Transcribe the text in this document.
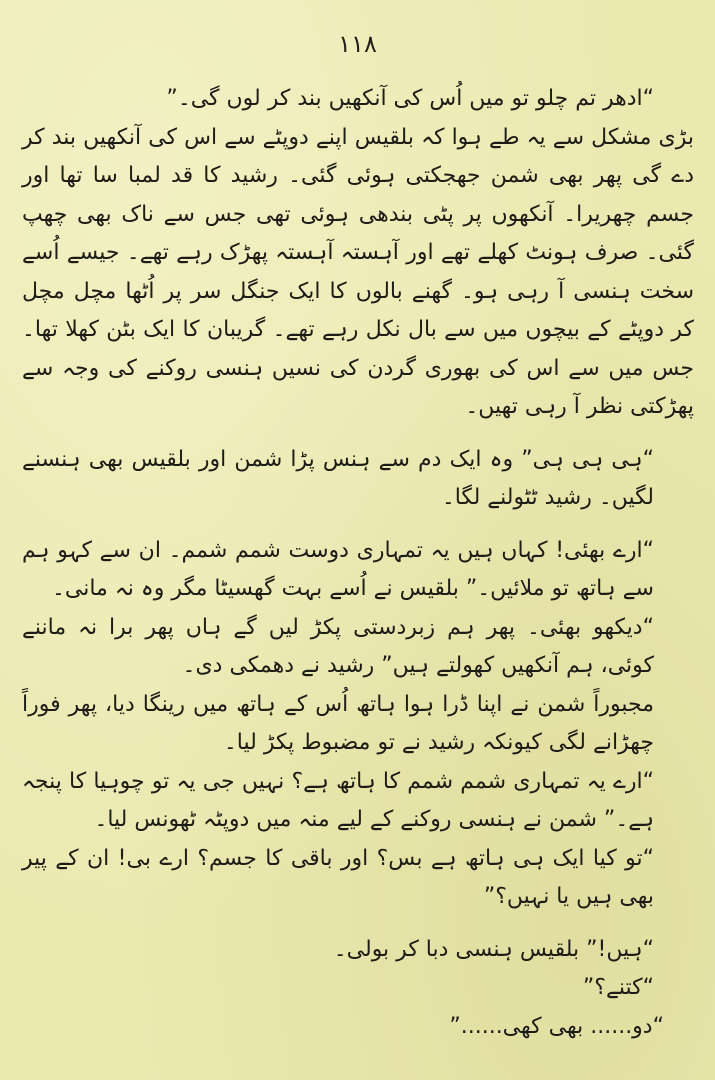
۱۱۸

“ادھر تم چلو تو میں اُس کی آنکھیں بند کر لوں گی۔”

بڑی مشکل سے یہ طے ہوا کہ بلقیس اپنے دوپٹے سے اس کی آنکھیں بند کر دے گی پھر بھی شمن جھجکتی ہوئی گئی۔ رشید کا قد لمبا سا تھا اور جسم چھریرا۔ آنکھوں پر پٹی بندھی ہوئی تھی جس سے ناک بھی چھپ گئی۔ صرف ہونٹ کھلے تھے اور آہستہ آہستہ پھڑک رہے تھے۔ جیسے اُسے سخت ہنسی آ رہی ہو۔ گھنے بالوں کا ایک جنگل سر پر اُٹھا مچل مچل کر دوپٹے کے بیچوں میں سے بال نکل رہے تھے۔ گریبان کا ایک بٹن کھلا تھا۔ جس میں سے اس کی بھوری گردن کی نسیں ہنسی روکنے کی وجہ سے پھڑکتی نظر آ رہی تھیں۔

“ہی ہی ہی” وہ ایک دم سے ہنس پڑا شمن اور بلقیس بھی ہنسنے لگیں۔ رشید ٹٹولنے لگا۔

“ارے بھئی! کہاں ہیں یہ تمہاری دوست شمم شمم۔ ان سے کہو ہم سے ہاتھ تو ملائیں۔” بلقیس نے اُسے بہت گھسیٹا مگر وہ نہ مانی۔

“دیکھو بھئی۔ پھر ہم زبردستی پکڑ لیں گے ہاں پھر برا نہ ماننے کوئی، ہم آنکھیں کھولتے ہیں” رشید نے دھمکی دی۔

مجبوراً شمن نے اپنا ڈرا ہوا ہاتھ اُس کے ہاتھ میں رینگا دیا، پھر فوراً چھڑانے لگی کیونکہ رشید نے تو مضبوط پکڑ لیا۔

“ارے یہ تمہاری شمم شمم کا ہاتھ ہے؟ نہیں جی یہ تو چوہیا کا پنجہ ہے۔” شمن نے ہنسی روکنے کے لیے منہ میں دوپٹہ ٹھونس لیا۔

“تو کیا ایک ہی ہاتھ ہے بس؟ اور باقی کا جسم؟ ارے بی! ان کے پیر بھی ہیں یا نہیں؟”

“ہیں!” بلقیس ہنسی دبا کر بولی۔

“کتنے؟”

“دو...... بھی کھی......”
